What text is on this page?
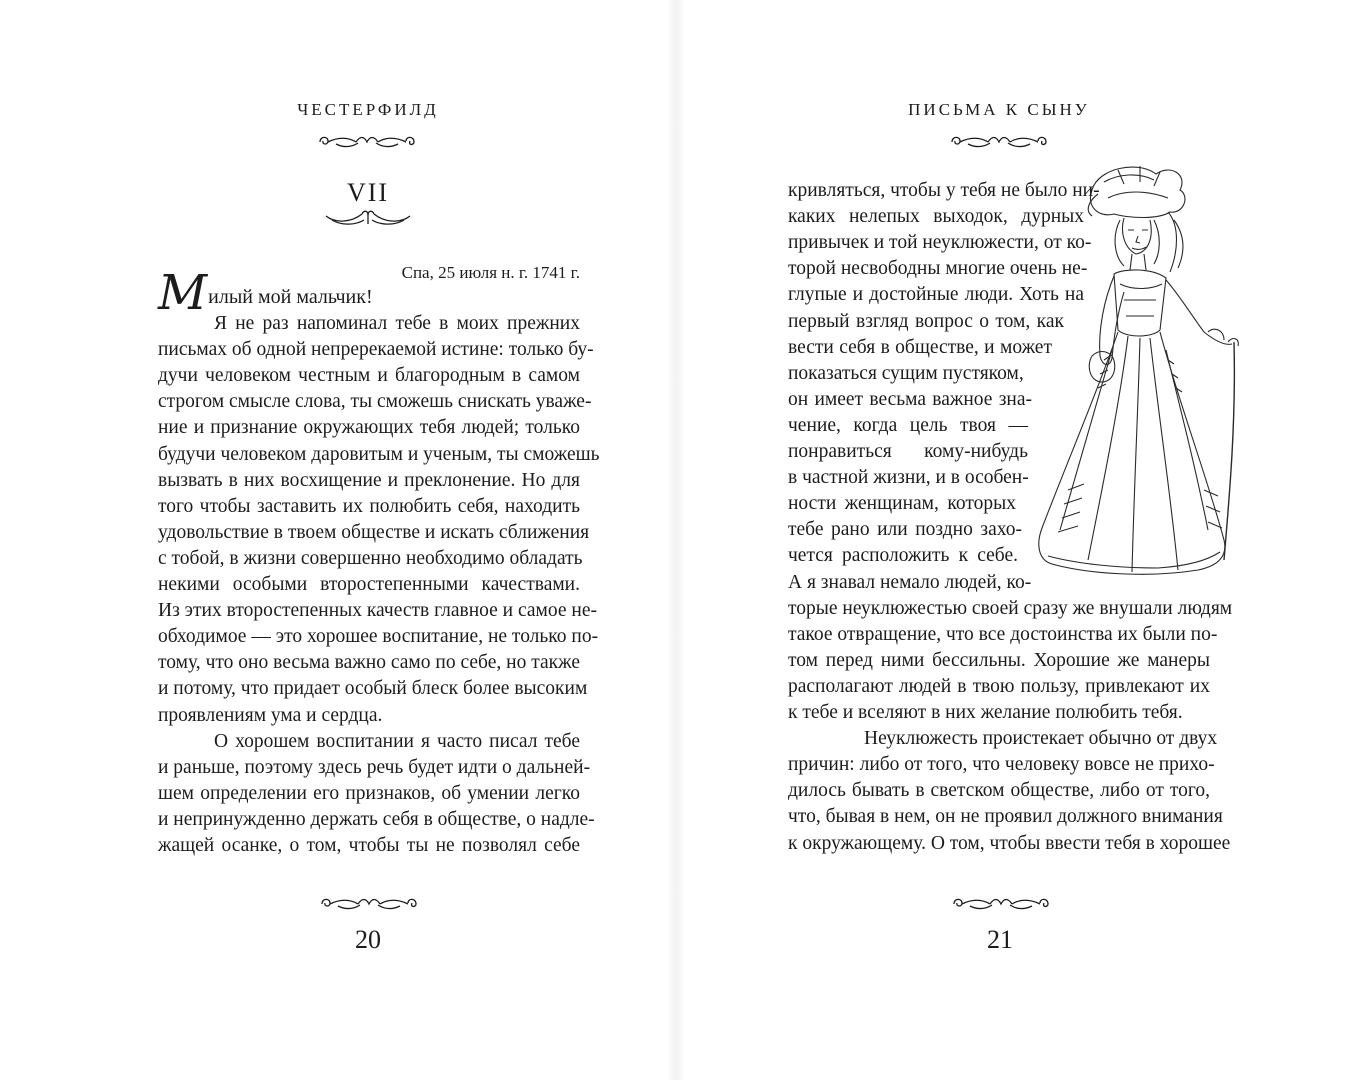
ЧЕСТЕРФИЛД
VII
Спа, 25 июля н. г. 1741 г.
Милый мой мальчик!
Я не раз напоминал тебе в моих прежних
письмах об одной непререкаемой истине: только бу-
дучи человеком честным и благородным в самом
строгом смысле слова, ты сможешь снискать уваже-
ние и признание окружающих тебя людей; только
будучи человеком даровитым и ученым, ты сможешь
вызвать в них восхищение и преклонение. Но для
того чтобы заставить их полюбить себя, находить
удовольствие в твоем обществе и искать сближения
с тобой, в жизни совершенно необходимо обладать
некими особыми второстепенными качествами.
Из этих второстепенных качеств главное и самое не-
обходимое — это хорошее воспитание, не только по-
тому, что оно весьма важно само по себе, но также
и потому, что придает особый блеск более высоким
проявлениям ума и сердца.
О хорошем воспитании я часто писал тебе
и раньше, поэтому здесь речь будет идти о дальней-
шем определении его признаков, об умении легко
и непринужденно держать себя в обществе, о надле-
жащей осанке, о том, чтобы ты не позволял себе
20
ПИСЬМА К СЫНУ
кривляться, чтобы у тебя не было ни-
каких нелепых выходок, дурных
привычек и той неуклюжести, от ко-
торой несвободны многие очень не-
глупые и достойные люди. Хоть на
первый взгляд вопрос о том, как
вести себя в обществе, и может
показаться сущим пустяком,
он имеет весьма важное зна-
чение, когда цель твоя —
понравиться кому-нибудь
в частной жизни, и в особен-
ности женщинам, которых
тебе рано или поздно захо-
чется расположить к себе.
А я знавал немало людей, ко-
торые неуклюжестью своей сразу же внушали людям
такое отвращение, что все достоинства их были по-
том перед ними бессильны. Хорошие же манеры
располагают людей в твою пользу, привлекают их
к тебе и вселяют в них желание полюбить тебя.
Неуклюжесть проистекает обычно от двух
причин: либо от того, что человеку вовсе не прихо-
дилось бывать в светском обществе, либо от того,
что, бывая в нем, он не проявил должного внимания
к окружающему. О том, чтобы ввести тебя в хорошее
21
